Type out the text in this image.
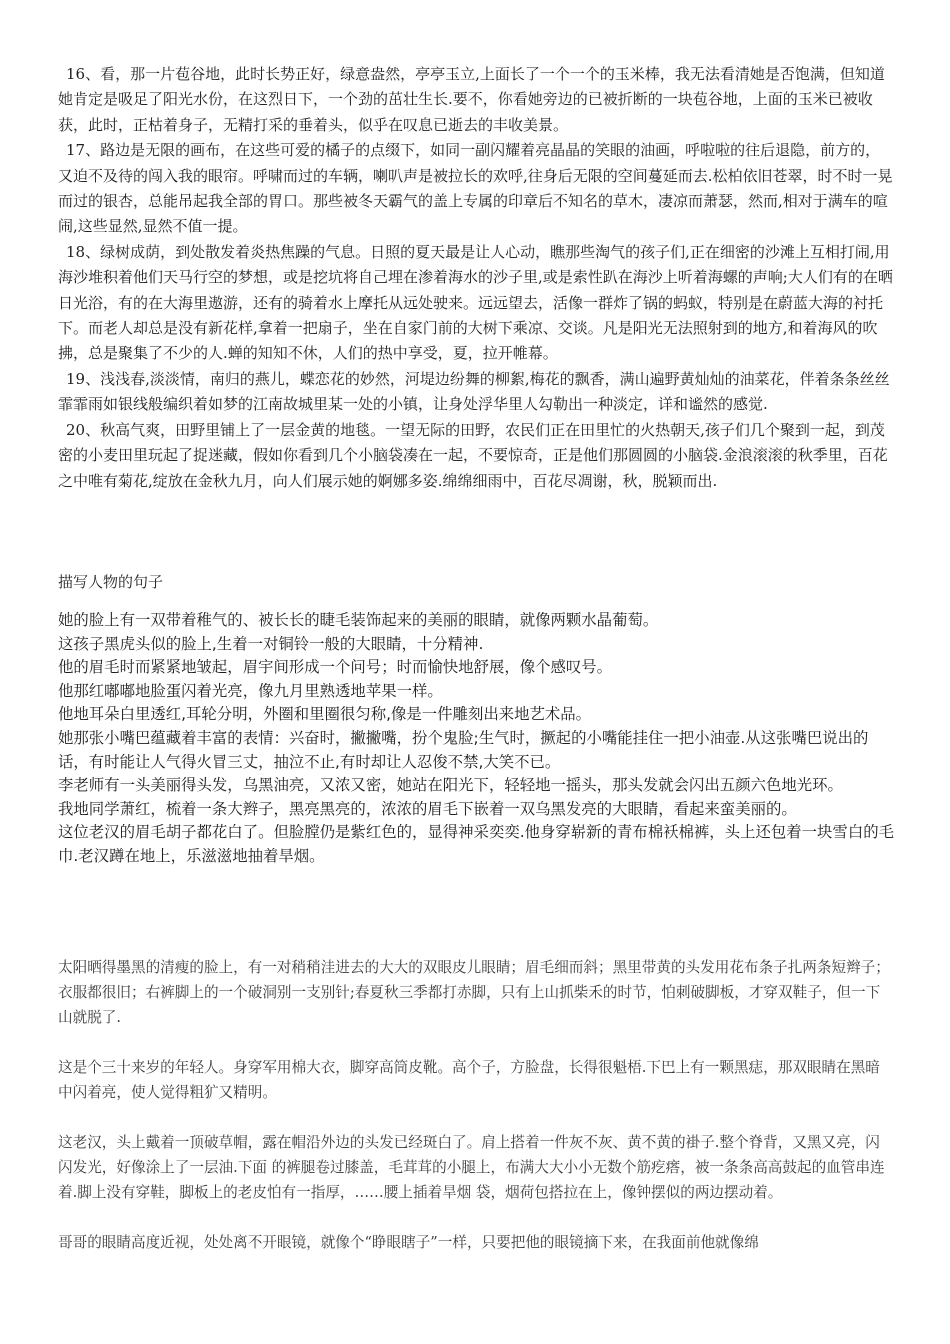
16、看，那一片苞谷地，此时长势正好，绿意盎然，亭亭玉立,上面长了一个一个的玉米棒，我无法看清她是否饱满，但知道她肯定是吸足了阳光水份，在这烈日下，一个劲的茁壮生长.要不，你看她旁边的已被折断的一块苞谷地，上面的玉米已被收获，此时，正枯着身子，无精打采的垂着头，似乎在叹息已逝去的丰收美景。

17、路边是无限的画布，在这些可爱的橘子的点缀下，如同一副闪耀着亮晶晶的笑眼的油画，呼啦啦的往后退隐，前方的，又迫不及待的闯入我的眼帘。呼啸而过的车辆，喇叭声是被拉长的欢呼,往身后无限的空间蔓延而去.松柏依旧苍翠，时不时一晃而过的银杏，总能吊起我全部的胃口。那些被冬天霸气的盖上专属的印章后不知名的草木，凄凉而萧瑟，然而,相对于满车的喧闹,这些显然,显然不值一提。

18、绿树成荫，到处散发着炎热焦躁的气息。日照的夏天最是让人心动，瞧那些淘气的孩子们,正在细密的沙滩上互相打闹,用海沙堆积着他们天马行空的梦想，或是挖坑将自己埋在渗着海水的沙子里,或是索性趴在海沙上听着海螺的声响;大人们有的在晒日光浴，有的在大海里遨游，还有的骑着水上摩托从远处驶来。远远望去，活像一群炸了锅的蚂蚁，特别是在蔚蓝大海的衬托下。而老人却总是没有新花样,拿着一把扇子，坐在自家门前的大树下乘凉、交谈。凡是阳光无法照射到的地方,和着海风的吹拂，总是聚集了不少的人.蝉的知知不休，人们的热中享受，夏，拉开帷幕。

19、浅浅春,淡淡情，南归的燕儿，蝶恋花的妙然，河堤边纷舞的柳絮,梅花的飘香，满山遍野黄灿灿的油菜花，伴着条条丝丝霏霏雨如银线般编织着如梦的江南故城里某一处的小镇，让身处浮华里人勾勒出一种淡定，详和谧然的感觉.

20、秋高气爽，田野里铺上了一层金黄的地毯。一望无际的田野，农民们正在田里忙的火热朝天,孩子们几个聚到一起，到茂密的小麦田里玩起了捉迷藏，假如你看到几个小脑袋凑在一起，不要惊奇，正是他们那圆圆的小脑袋.金浪滚滚的秋季里，百花之中唯有菊花,绽放在金秋九月，向人们展示她的婀娜多姿.绵绵细雨中，百花尽凋谢，秋，脱颖而出.

描写人物的句子

她的脸上有一双带着稚气的、被长长的睫毛装饰起来的美丽的眼睛，就像两颗水晶葡萄。

这孩子黑虎头似的脸上,生着一对铜铃一般的大眼睛，十分精神.

他的眉毛时而紧紧地皱起，眉宇间形成一个问号；时而愉快地舒展，像个感叹号。

他那红嘟嘟地脸蛋闪着光亮，像九月里熟透地苹果一样。

他地耳朵白里透红,耳轮分明，外圈和里圈很匀称,像是一件雕刻出来地艺术品。

她那张小嘴巴蕴藏着丰富的表情：兴奋时，撇撇嘴，扮个鬼脸;生气时，撅起的小嘴能挂住一把小油壶.从这张嘴巴说出的话，有时能让人气得火冒三丈，抽泣不止,有时却让人忍俊不禁,大笑不已。

李老师有一头美丽得头发，乌黑油亮，又浓又密，她站在阳光下，轻轻地一摇头，那头发就会闪出五颜六色地光环。

我地同学萧红，梳着一条大辫子，黑亮黑亮的，浓浓的眉毛下嵌着一双乌黑发亮的大眼睛，看起来蛮美丽的。

这位老汉的眉毛胡子都花白了。但脸膛仍是紫红色的，显得神采奕奕.他身穿崭新的青布棉袄棉裤，头上还包着一块雪白的毛巾.老汉蹲在地上，乐滋滋地抽着旱烟。

太阳晒得墨黑的清瘦的脸上，有一对稍稍洼进去的大大的双眼皮儿眼睛；眉毛细而斜；黑里带黄的头发用花布条子扎两条短辫子；衣服都很旧；右裤脚上的一个破洞别一支别针;春夏秋三季都打赤脚，只有上山抓柴禾的时节，怕刺破脚板，才穿双鞋子，但一下山就脱了.

这是个三十来岁的年轻人。身穿军用棉大衣，脚穿高筒皮靴。高个子，方脸盘，长得很魁梧.下巴上有一颗黑痣，那双眼睛在黑暗中闪着亮，使人觉得粗犷又精明。

这老汉，头上戴着一顶破草帽，露在帽沿外边的头发已经斑白了。肩上搭着一件灰不灰、黄不黄的褂子.整个脊背，又黑又亮，闪闪发光，好像涂上了一层油.下面 的裤腿卷过膝盖，毛茸茸的小腿上，布满大大小小无数个筋疙瘩，被一条条高高鼓起的血管串连着.脚上没有穿鞋，脚板上的老皮怕有一指厚，……腰上插着旱烟 袋，烟荷包搭拉在上，像钟摆似的两边摆动着。

哥哥的眼睛高度近视，处处离不开眼镜，就像个“睁眼瞎子”一样，只要把他的眼镜摘下来，在我面前他就像绵
